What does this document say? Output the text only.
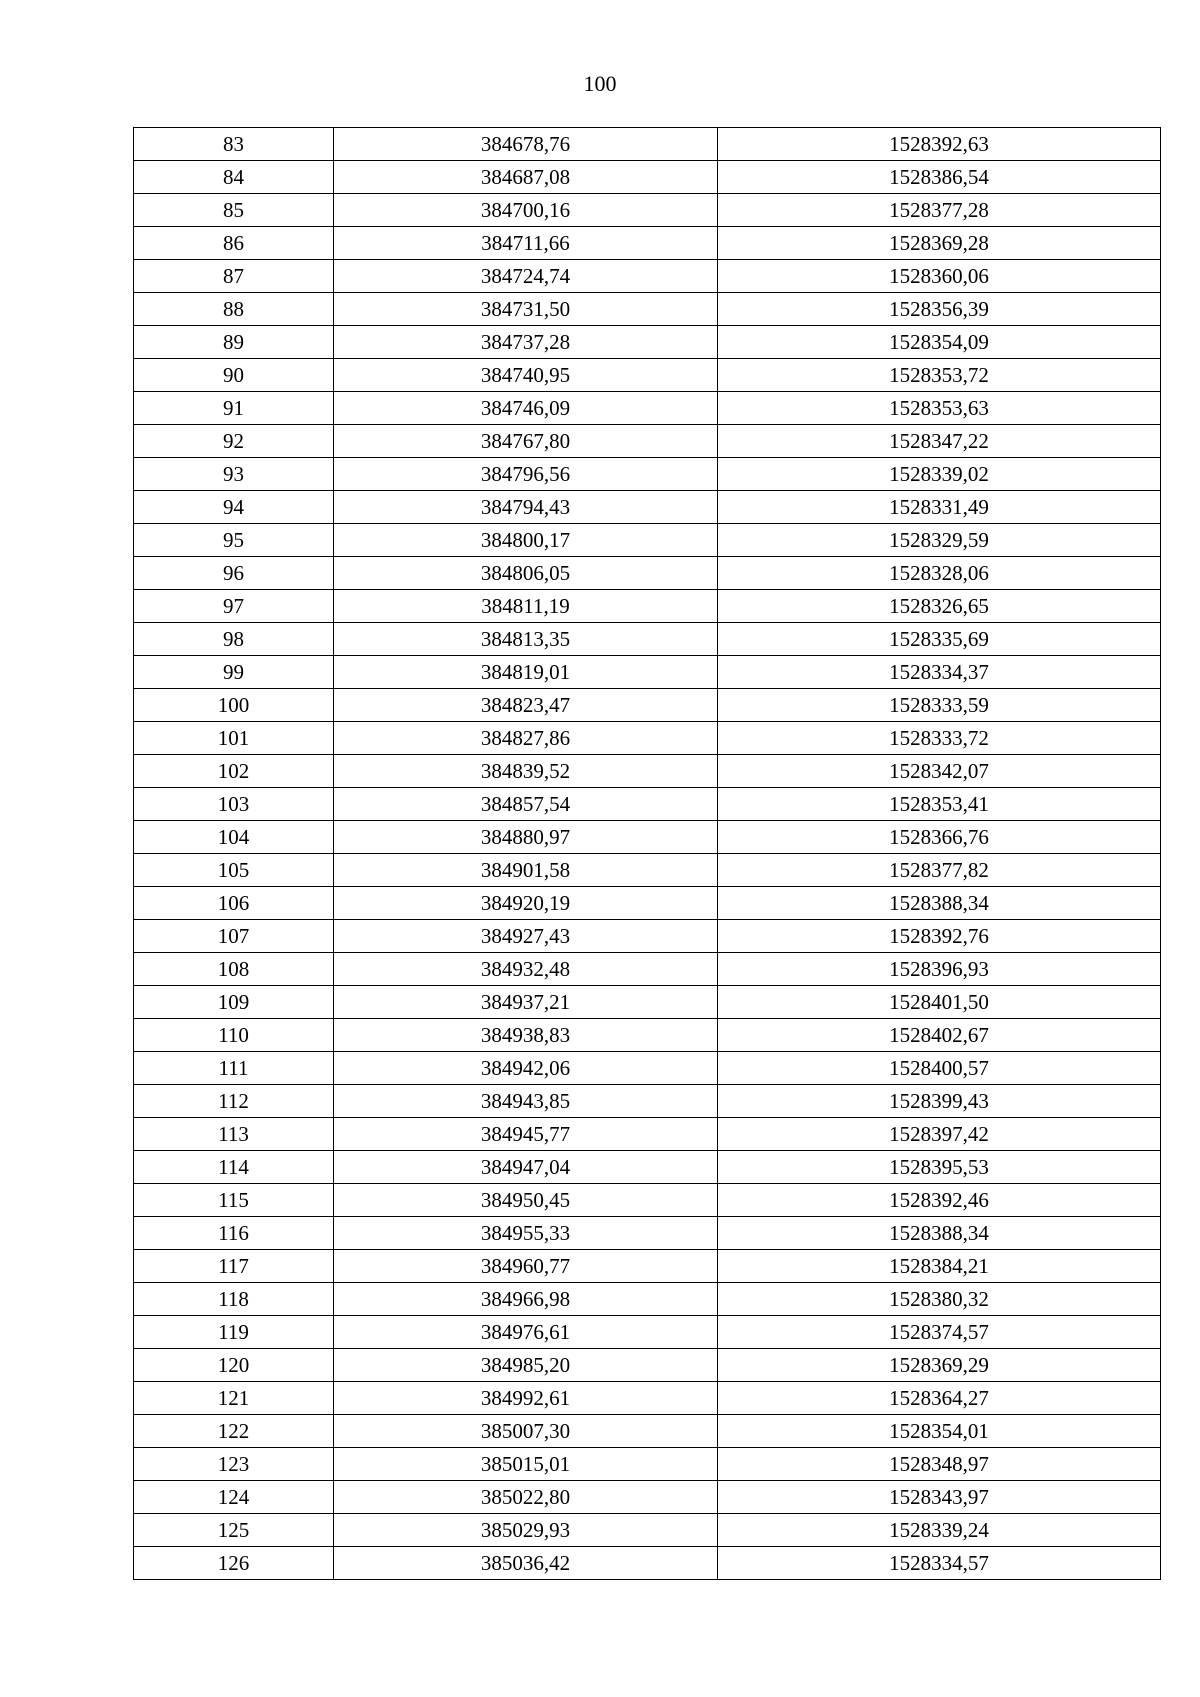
100
83	384678,76	1528392,63
84	384687,08	1528386,54
85	384700,16	1528377,28
86	384711,66	1528369,28
87	384724,74	1528360,06
88	384731,50	1528356,39
89	384737,28	1528354,09
90	384740,95	1528353,72
91	384746,09	1528353,63
92	384767,80	1528347,22
93	384796,56	1528339,02
94	384794,43	1528331,49
95	384800,17	1528329,59
96	384806,05	1528328,06
97	384811,19	1528326,65
98	384813,35	1528335,69
99	384819,01	1528334,37
100	384823,47	1528333,59
101	384827,86	1528333,72
102	384839,52	1528342,07
103	384857,54	1528353,41
104	384880,97	1528366,76
105	384901,58	1528377,82
106	384920,19	1528388,34
107	384927,43	1528392,76
108	384932,48	1528396,93
109	384937,21	1528401,50
110	384938,83	1528402,67
111	384942,06	1528400,57
112	384943,85	1528399,43
113	384945,77	1528397,42
114	384947,04	1528395,53
115	384950,45	1528392,46
116	384955,33	1528388,34
117	384960,77	1528384,21
118	384966,98	1528380,32
119	384976,61	1528374,57
120	384985,20	1528369,29
121	384992,61	1528364,27
122	385007,30	1528354,01
123	385015,01	1528348,97
124	385022,80	1528343,97
125	385029,93	1528339,24
126	385036,42	1528334,57
